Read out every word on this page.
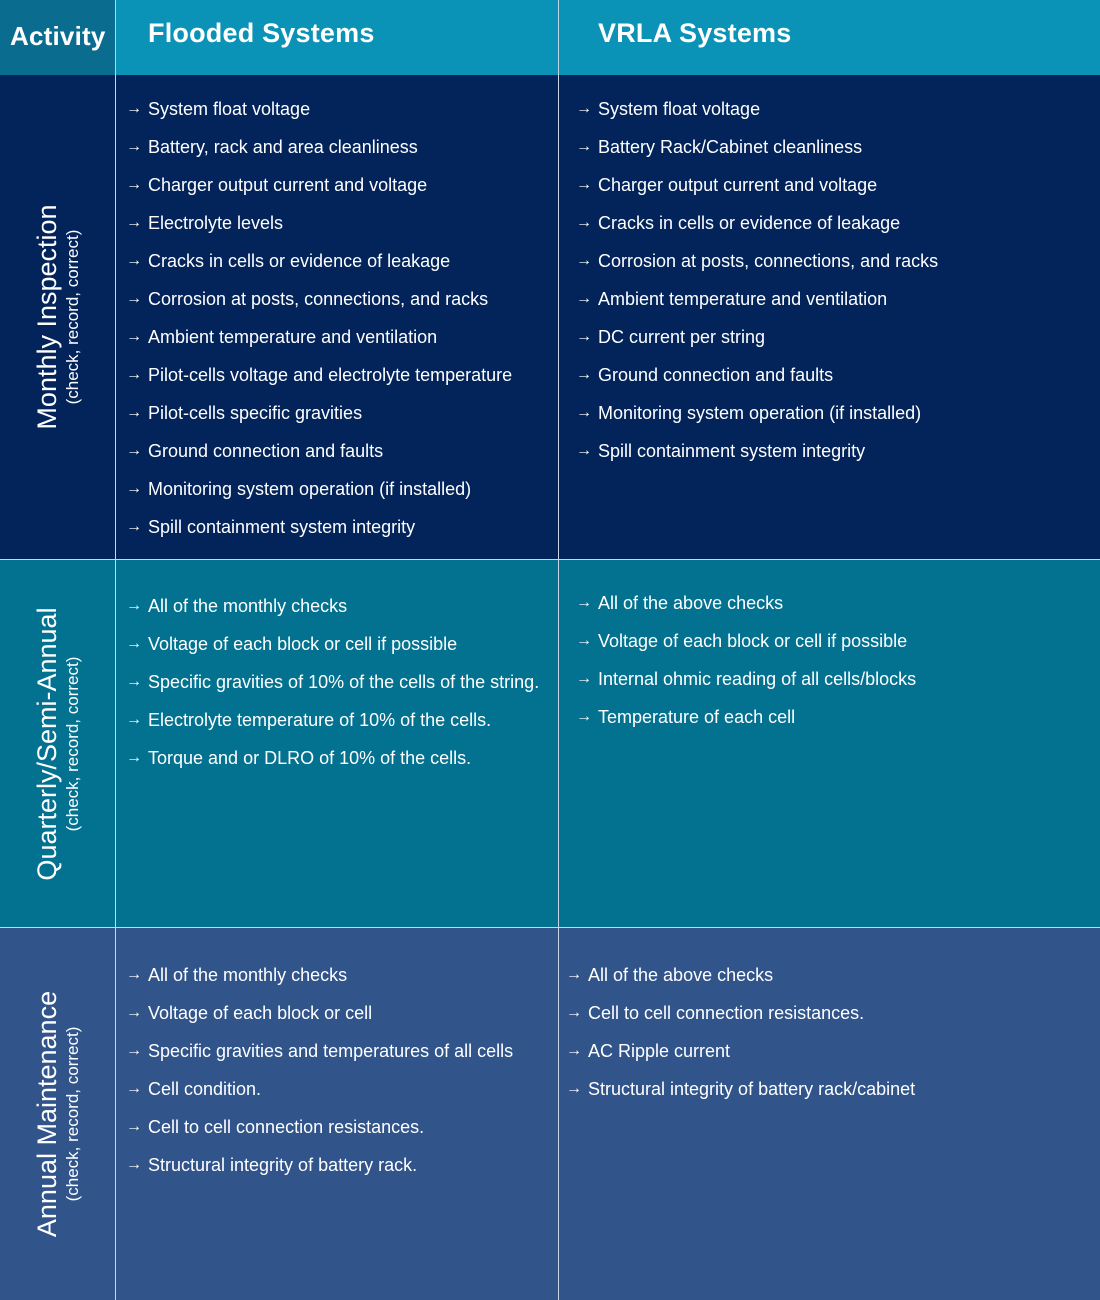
Activity Flooded Systems	VRLA Systems
Monthly Inspection (check, record, correct)
→ System float voltage
→ Battery, rack and area cleanliness
→ Charger output current and voltage
→ Electrolyte levels
→ Cracks in cells or evidence of leakage
→ Corrosion at posts, connections, and racks
→ Ambient temperature and ventilation
→ Pilot-cells voltage and electrolyte temperature
→ Pilot-cells specific gravities
→ Ground connection and faults
→ Monitoring system operation (if installed)
→ Spill containment system integrity
→ System float voltage
→ Battery Rack/Cabinet cleanliness
→ Charger output current and voltage
→ Cracks in cells or evidence of leakage
→ Corrosion at posts, connections, and racks
→ Ambient temperature and ventilation
→ DC current per string
→ Ground connection and faults
→ Monitoring system operation (if installed)
→ Spill containment system integrity
Quarterly/Semi-Annual (check, record, correct)
→ All of the monthly checks
→ Voltage of each block or cell if possible
→ Specific gravities of 10% of the cells of the string.
→ Electrolyte temperature of 10% of the cells.
→ Torque and or DLRO of 10% of the cells.
→ All of the above checks
→ Voltage of each block or cell if possible
→ Internal ohmic reading of all cells/blocks
→ Temperature of each cell
Annual Maintenance (check, record, correct)
→ All of the monthly checks
→ Voltage of each block or cell
→ Specific gravities and temperatures of all cells
→ Cell condition.
→ Cell to cell connection resistances.
→ Structural integrity of battery rack.
→ All of the above checks
→ Cell to cell connection resistances.
→ AC Ripple current
→ Structural integrity of battery rack/cabinet
